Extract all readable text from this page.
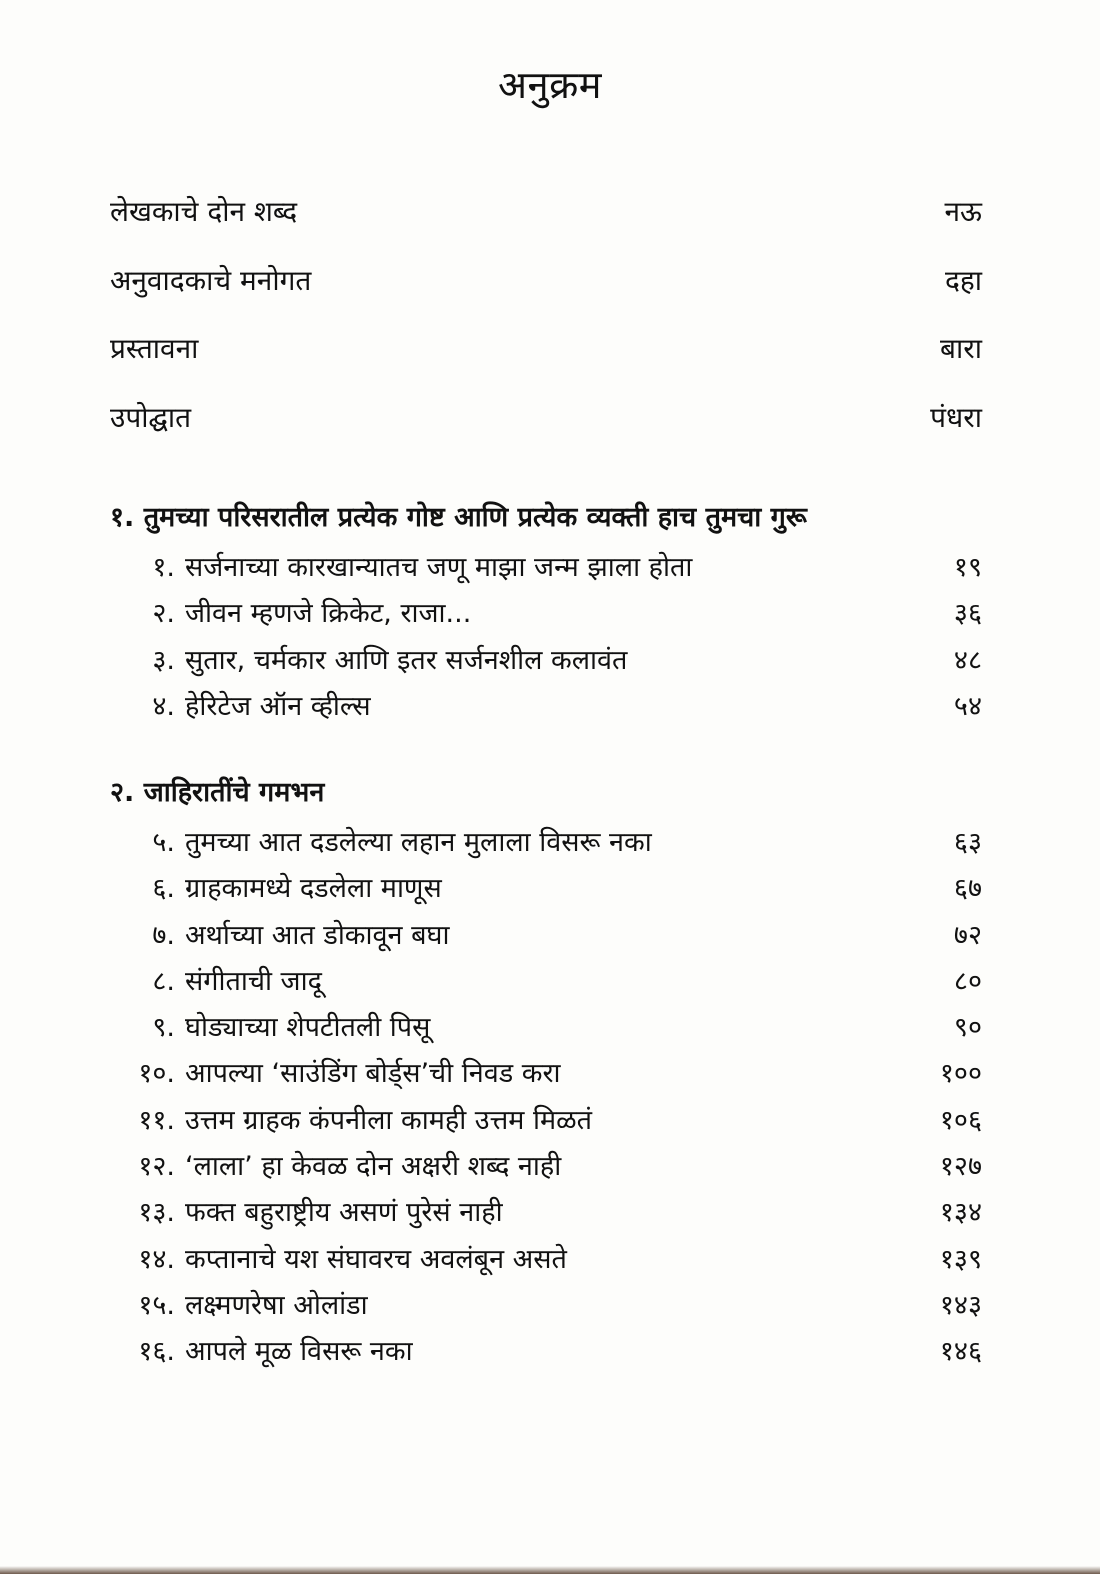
अनुक्रम
लेखकाचे दोन शब्द	नऊ
अनुवादकाचे मनोगत	दहा
प्रस्तावना	बारा
उपोद्घात	पंधरा
१. तुमच्या परिसरातील प्रत्येक गोष्ट आणि प्रत्येक व्यक्ती हाच तुमचा गुरू
१. सर्जनाच्या कारखान्यातच जणू माझा जन्म झाला होता	१९
२. जीवन म्हणजे क्रिकेट, राजा...	३६
३. सुतार, चर्मकार आणि इतर सर्जनशील कलावंत	४८
४. हेरिटेज ऑन व्हील्स	५४
२. जाहिरातींचे गमभन
५. तुमच्या आत दडलेल्या लहान मुलाला विसरू नका	६३
६. ग्राहकामध्ये दडलेला माणूस	६७
७. अर्थाच्या आत डोकावून बघा	७२
८. संगीताची जादू	८०
९. घोड्याच्या शेपटीतली पिसू	९०
१०. आपल्या ‘साउंडिंग बोर्ड्स’ची निवड करा	१००
११. उत्तम ग्राहक कंपनीला कामही उत्तम मिळतं	१०६
१२. ‘लाला’ हा केवळ दोन अक्षरी शब्द नाही	१२७
१३. फक्त बहुराष्ट्रीय असणं पुरेसं नाही	१३४
१४. कप्तानाचे यश संघावरच अवलंबून असते	१३९
१५. लक्ष्मणरेषा ओलांडा	१४३
१६. आपले मूळ विसरू नका	१४६
